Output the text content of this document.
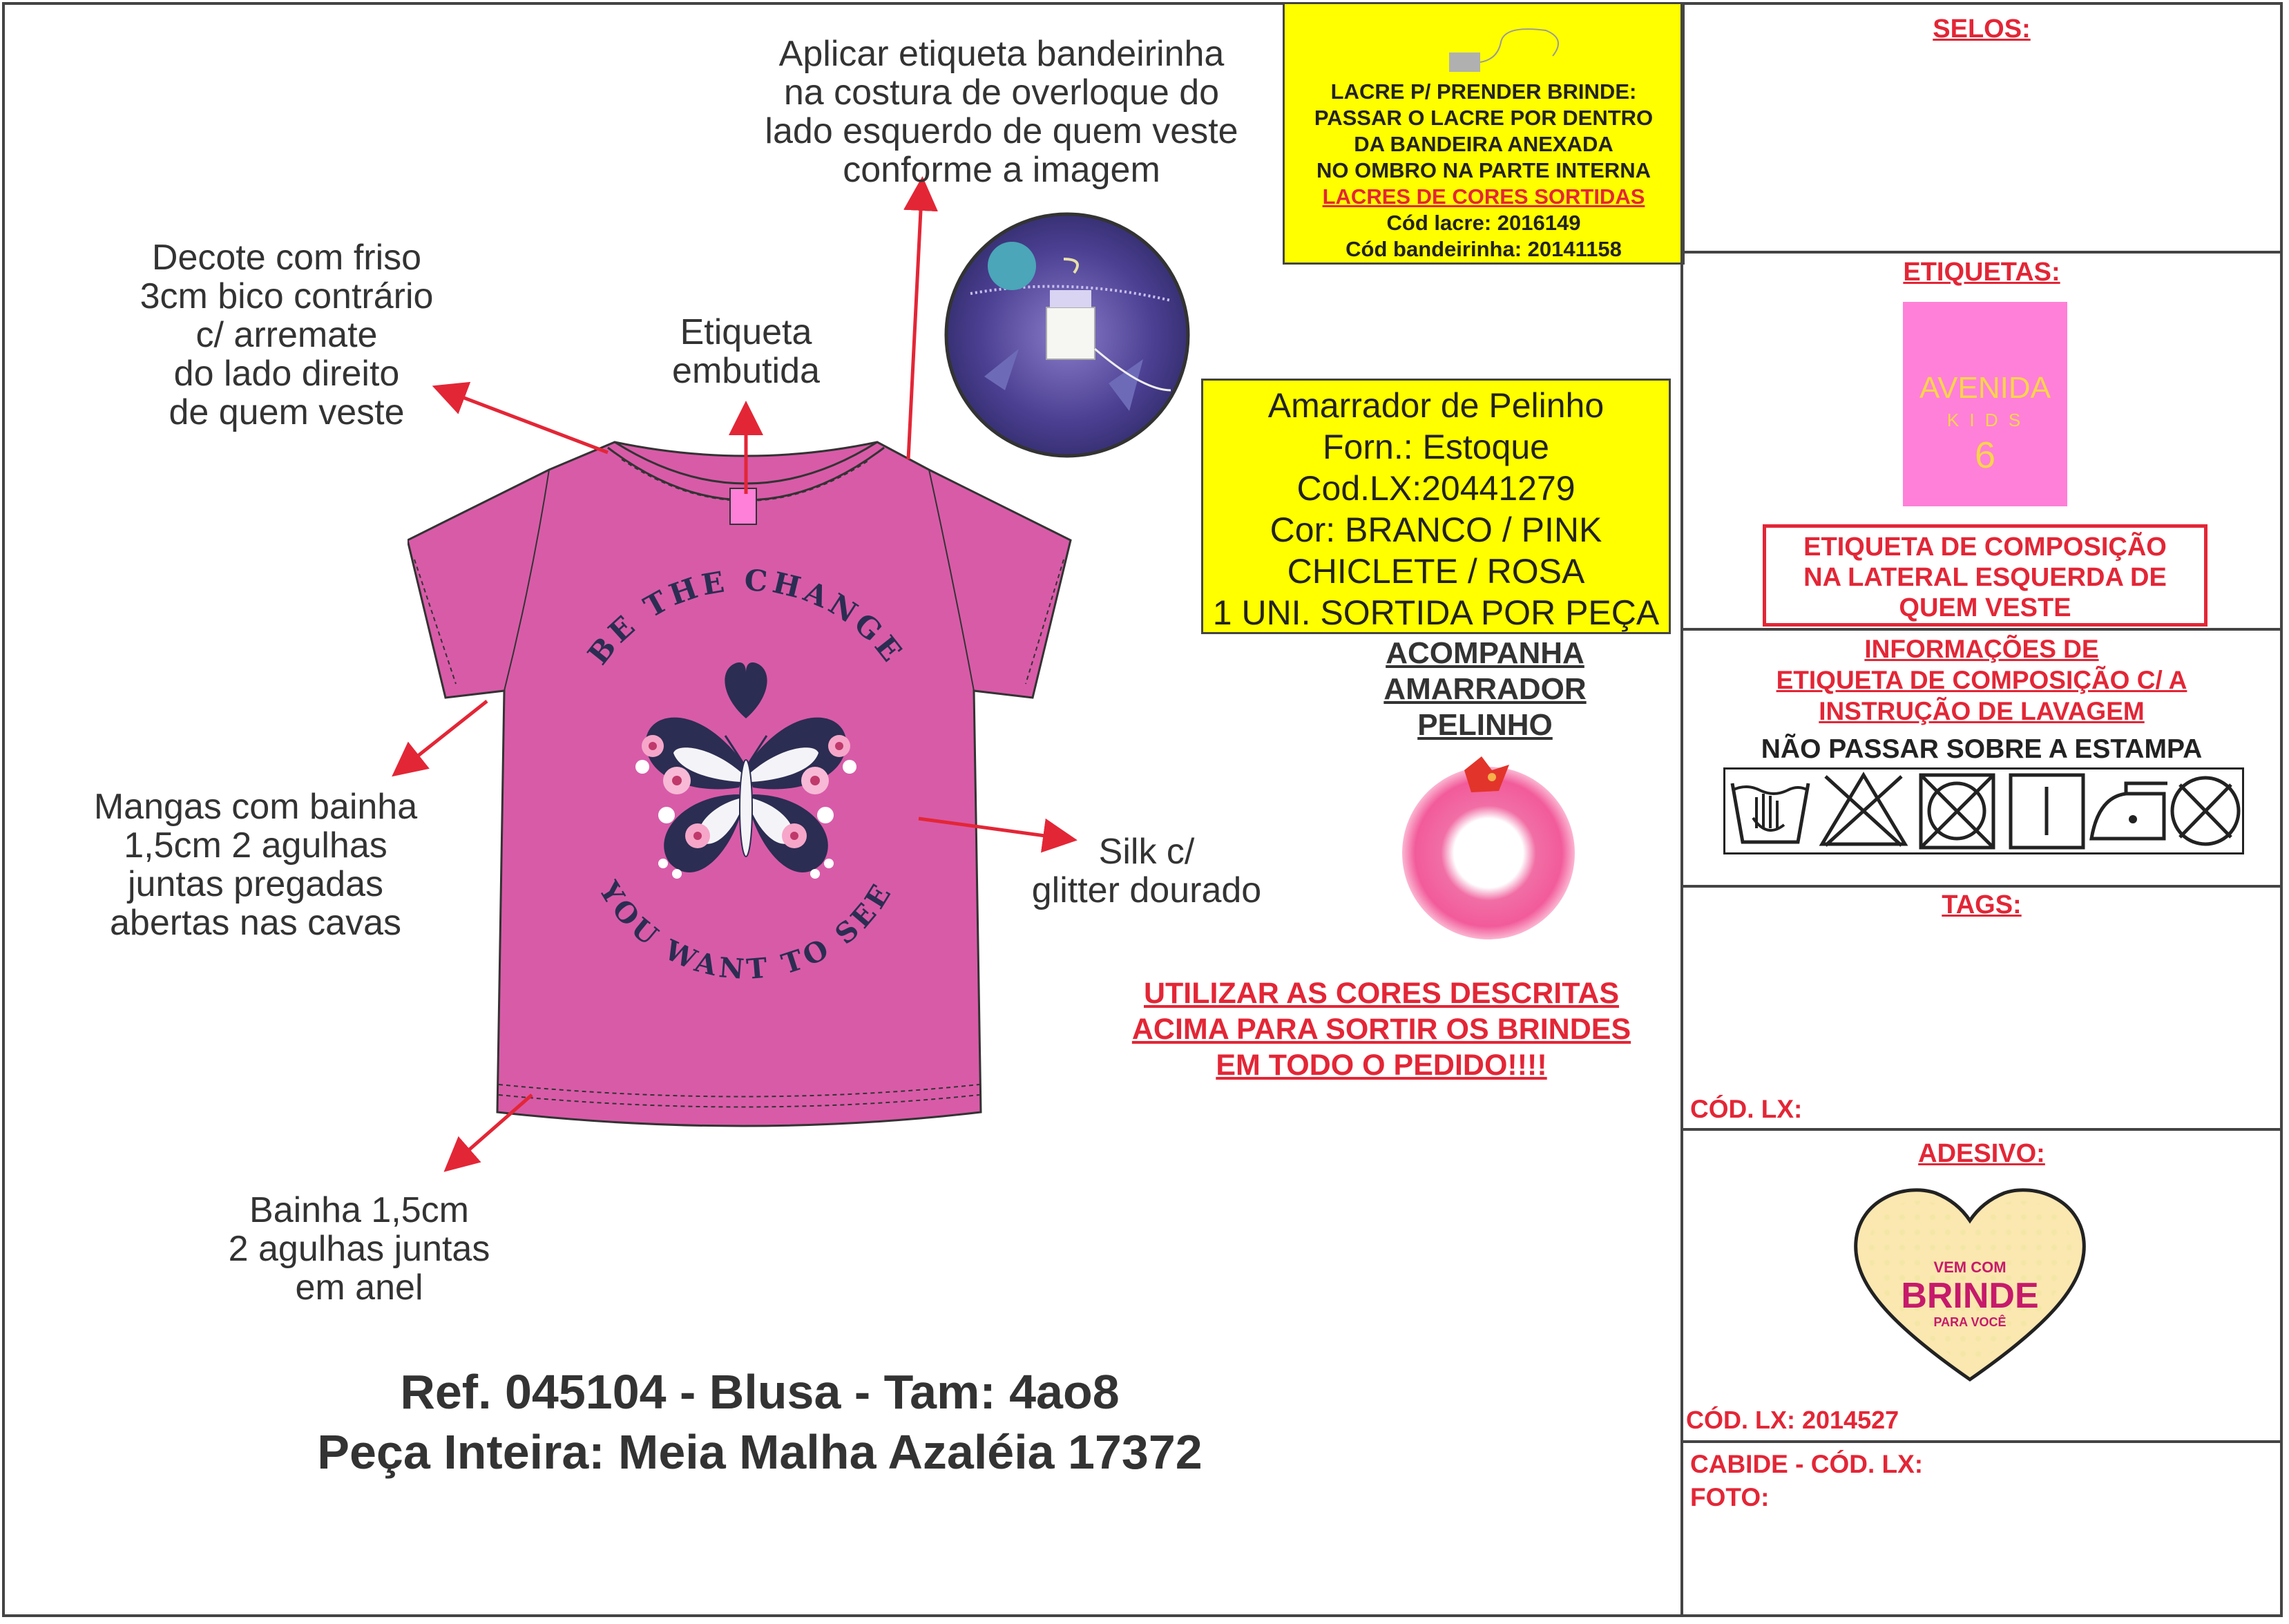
BE THE CHANGE
YOU WANT TO SEE
Decote com friso
3cm bico contrário
c/ arremate
do lado direito
de quem veste
Etiqueta
embutida
Aplicar etiqueta bandeirinha
na costura de overloque do
lado esquerdo de quem veste
conforme a imagem
Mangas com bainha
1,5cm 2 agulhas
juntas pregadas
abertas nas cavas
Silk c/
glitter dourado
Bainha 1,5cm
2 agulhas juntas
em anel
LACRE P/ PRENDER BRINDE:
PASSAR O LACRE POR DENTRO
DA BANDEIRA ANEXADA
NO OMBRO NA PARTE INTERNA
LACRES DE CORES SORTIDAS
Cód lacre: 2016149
Cód bandeirinha: 20141158
Amarrador de Pelinho
Forn.: Estoque
Cod.LX:20441279
Cor: BRANCO / PINK
CHICLETE / ROSA
1 UNI. SORTIDA POR PEÇA
ACOMPANHA
AMARRADOR
PELINHO
UTILIZAR AS CORES DESCRITAS
ACIMA PARA SORTIR OS BRINDES
EM TODO O PEDIDO!!!!
Ref. 045104 - Blusa - Tam: 4ao8
Peça Inteira: Meia Malha Azaléia 17372
SELOS:
ETIQUETAS:
AVENIDA
K I D S
6
ETIQUETA DE COMPOSIÇÃO
NA LATERAL ESQUERDA DE
QUEM VESTE
INFORMAÇÕES DE
ETIQUETA DE COMPOSIÇÃO C/ A
INSTRUÇÃO DE LAVAGEM
NÃO PASSAR SOBRE A ESTAMPA
TAGS:
CÓD. LX:
ADESIVO:
VEM COM
BRINDE
PARA VOCÊ
CÓD. LX: 2014527
CABIDE - CÓD. LX:
FOTO:
